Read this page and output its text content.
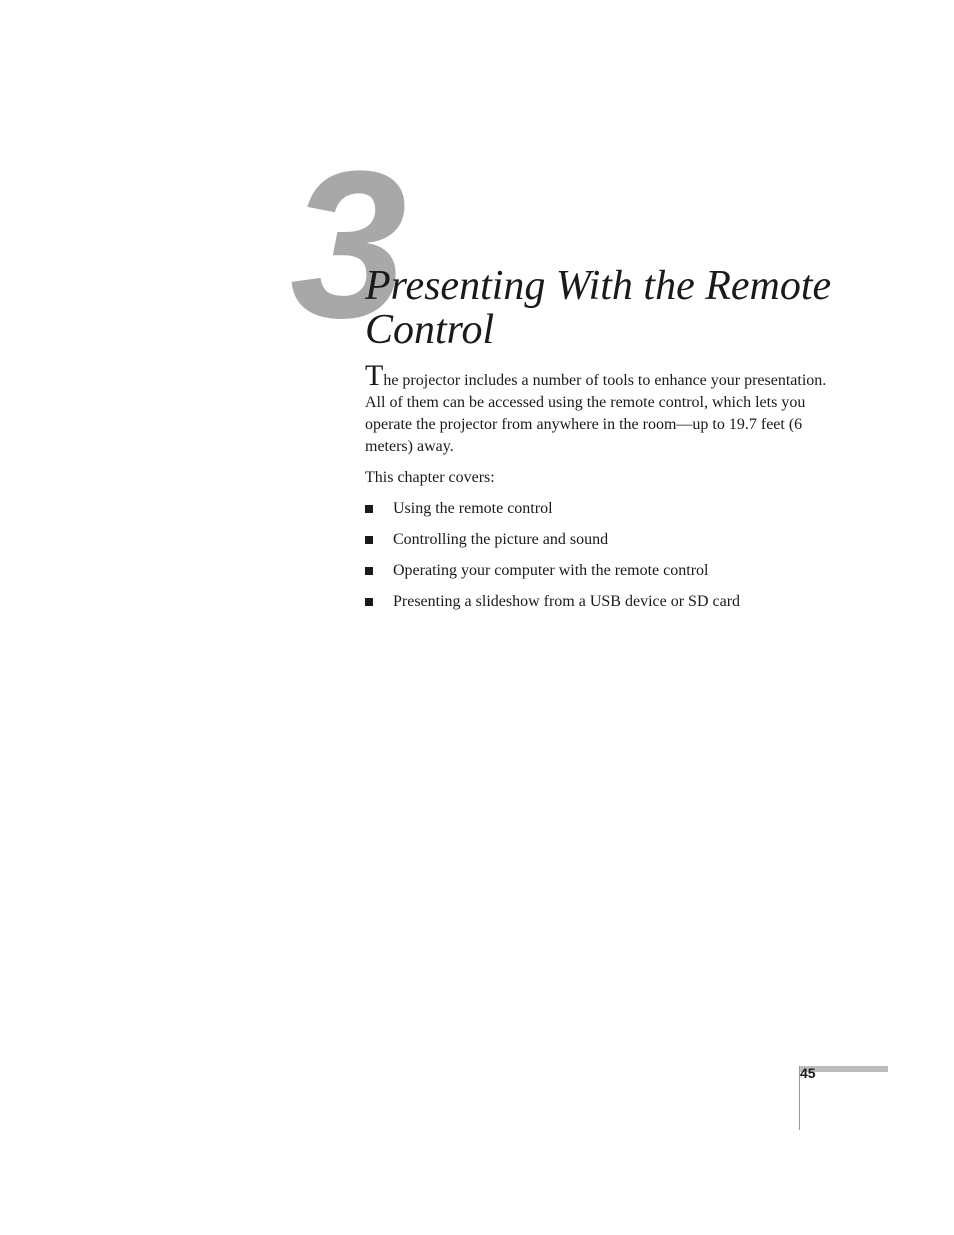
3
Presenting With the Remote Control

The projector includes a number of tools to enhance your presentation. All of them can be accessed using the remote control, which lets you operate the projector from anywhere in the room—up to 19.7 feet (6 meters) away.

This chapter covers:

Using the remote control
Controlling the picture and sound
Operating your computer with the remote control
Presenting a slideshow from a USB device or SD card
45
